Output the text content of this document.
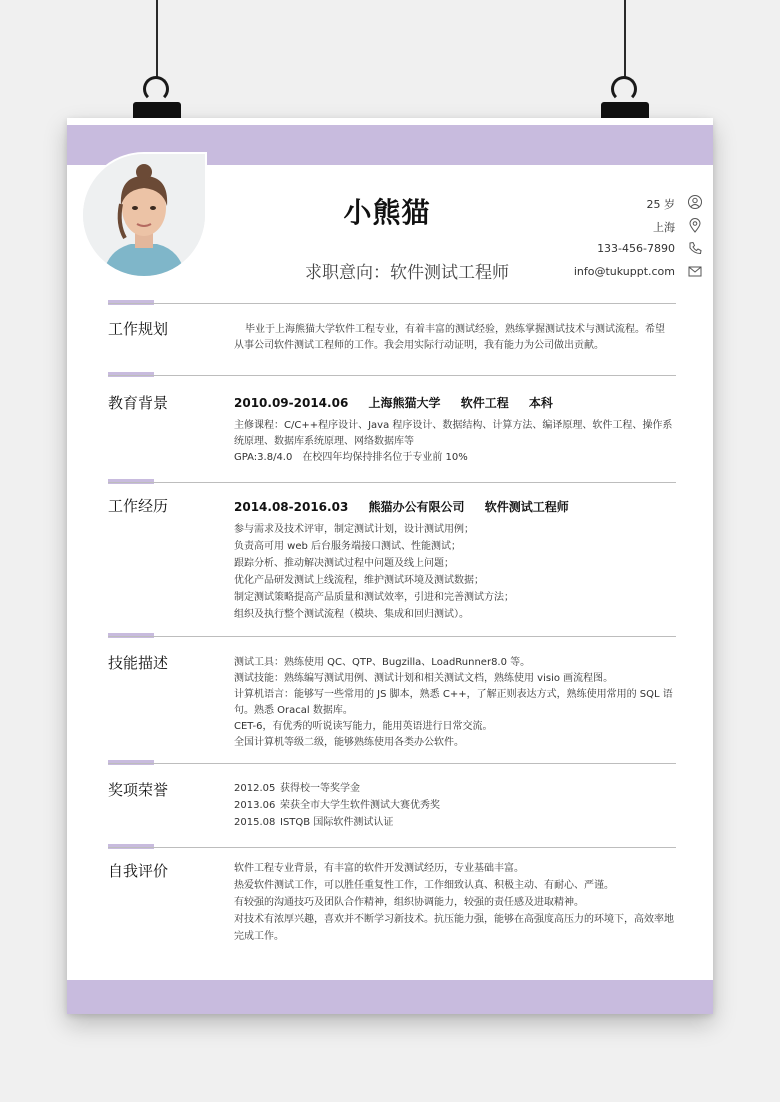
小熊猫
求职意向：软件测试工程师
25 岁
上海
133-456-7890
info@tukuppt.com
工作规划	毕业于上海熊猫大学软件工程专业，有着丰富的测试经验，熟练掌握测试技术与测试流程。希望从事公司软件测试工程师的工作。我会用实际行动证明，我有能力为公司做出贡献。
教育背景	2010.09-2014.06 上海熊猫大学 软件工程 本科
主修课程：C/C++程序设计、Java 程序设计、数据结构、计算方法、编译原理、软件工程、操作系统原理、数据库系统原理、网络数据库等
GPA:3.8/4.0　在校四年均保持排名位于专业前 10%
工作经历	2014.08-2016.03 熊猫办公有限公司 软件测试工程师
参与需求及技术评审，制定测试计划，设计测试用例；
负责高可用 web 后台服务端接口测试、性能测试；
跟踪分析、推动解决测试过程中问题及线上问题；
优化产品研发测试上线流程，维护测试环境及测试数据；
制定测试策略提高产品质量和测试效率，引进和完善测试方法；
组织及执行整个测试流程（模块、集成和回归测试）。
技能描述	测试工具：熟练使用 QC、QTP、Bugzilla、LoadRunner8.0 等。
测试技能：熟练编写测试用例、测试计划和相关测试文档，熟练使用 visio 画流程图。
计算机语言：能够写一些常用的 JS 脚本，熟悉 C++，了解正则表达方式，熟练使用常用的 SQL 语句。熟悉 Oracal 数据库。
CET-6，有优秀的听说读写能力，能用英语进行日常交流。
全国计算机等级二级，能够熟练使用各类办公软件。
奖项荣誉	2012.05 获得校一等奖学金
2013.06 荣获全市大学生软件测试大赛优秀奖
2015.08 ISTQB 国际软件测试认证
自我评价	软件工程专业背景，有丰富的软件开发测试经历，专业基础丰富。
热爱软件测试工作，可以胜任重复性工作，工作细致认真、积极主动、有耐心、严谨。
有较强的沟通技巧及团队合作精神，组织协调能力，较强的责任感及进取精神。
对技术有浓厚兴趣，喜欢并不断学习新技术。抗压能力强，能够在高强度高压力的环境下，高效率地完成工作。
